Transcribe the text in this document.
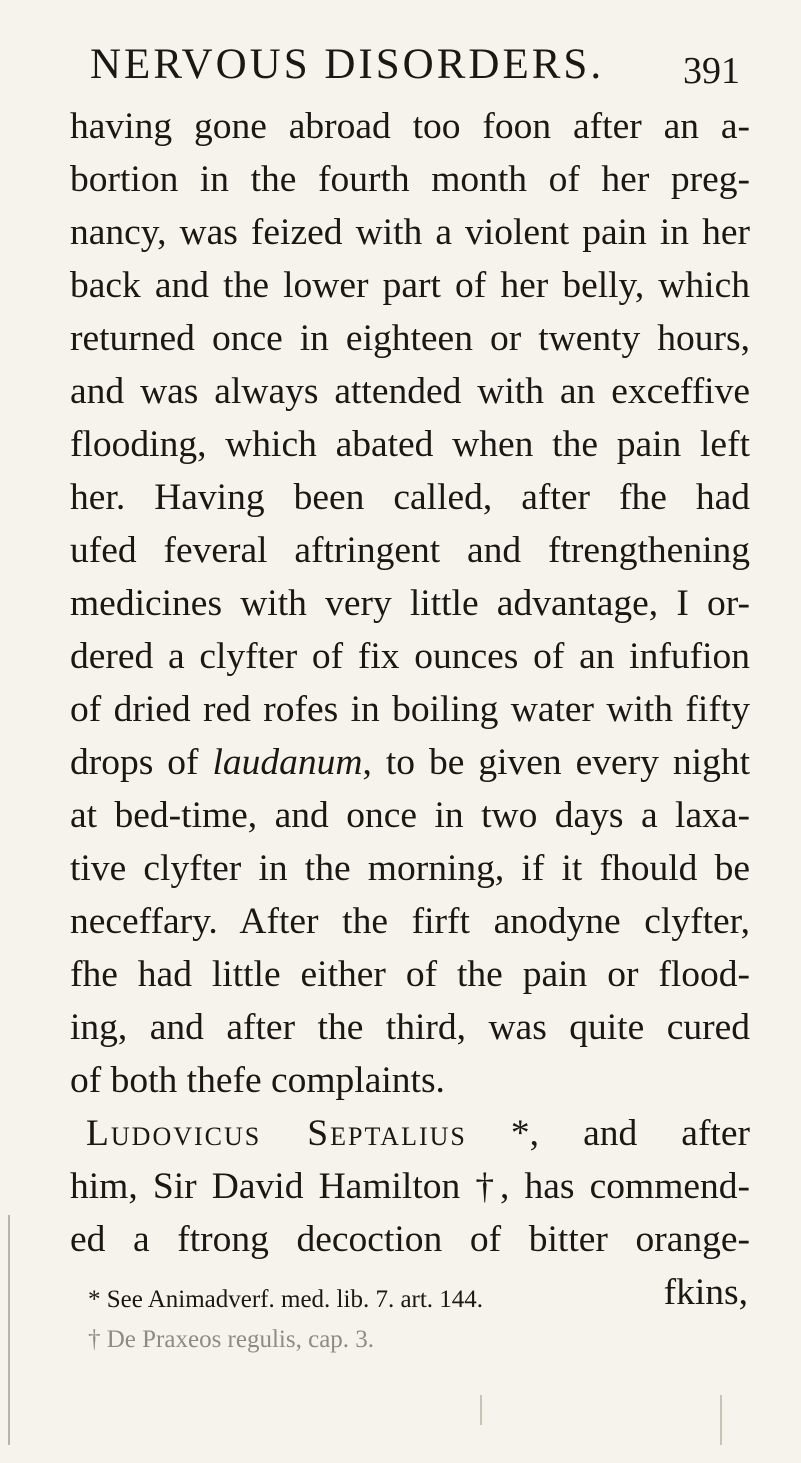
NERVOUS DISORDERS. 391
having gone abroad too foon after an a-
bortion in the fourth month of her preg-
nancy, was feized with a violent pain in her
back and the lower part of her belly, which
returned once in eighteen or twenty hours,
and was always attended with an exceffive
flooding, which abated when the pain left
her. Having been called, after fhe had
ufed feveral aftringent and ftrengthening
medicines with very little advantage, I or-
dered a clyfter of fix ounces of an infufion
of dried red rofes in boiling water with fifty
drops of laudanum, to be given every night
at bed-time, and once in two days a laxa-
tive clyfter in the morning, if it fhould be
neceffary. After the firft anodyne clyfter,
fhe had little either of the pain or flood-
ing, and after the third, was quite cured
of both thefe complaints.
Ludovicus Septalius *, and after
him, Sir David Hamilton †, has commend-
ed a ftrong decoction of bitter orange-
fkins,
* See Animadverf. med. lib. 7. art. 144.
† De Praxeos regulis, cap. 3.
